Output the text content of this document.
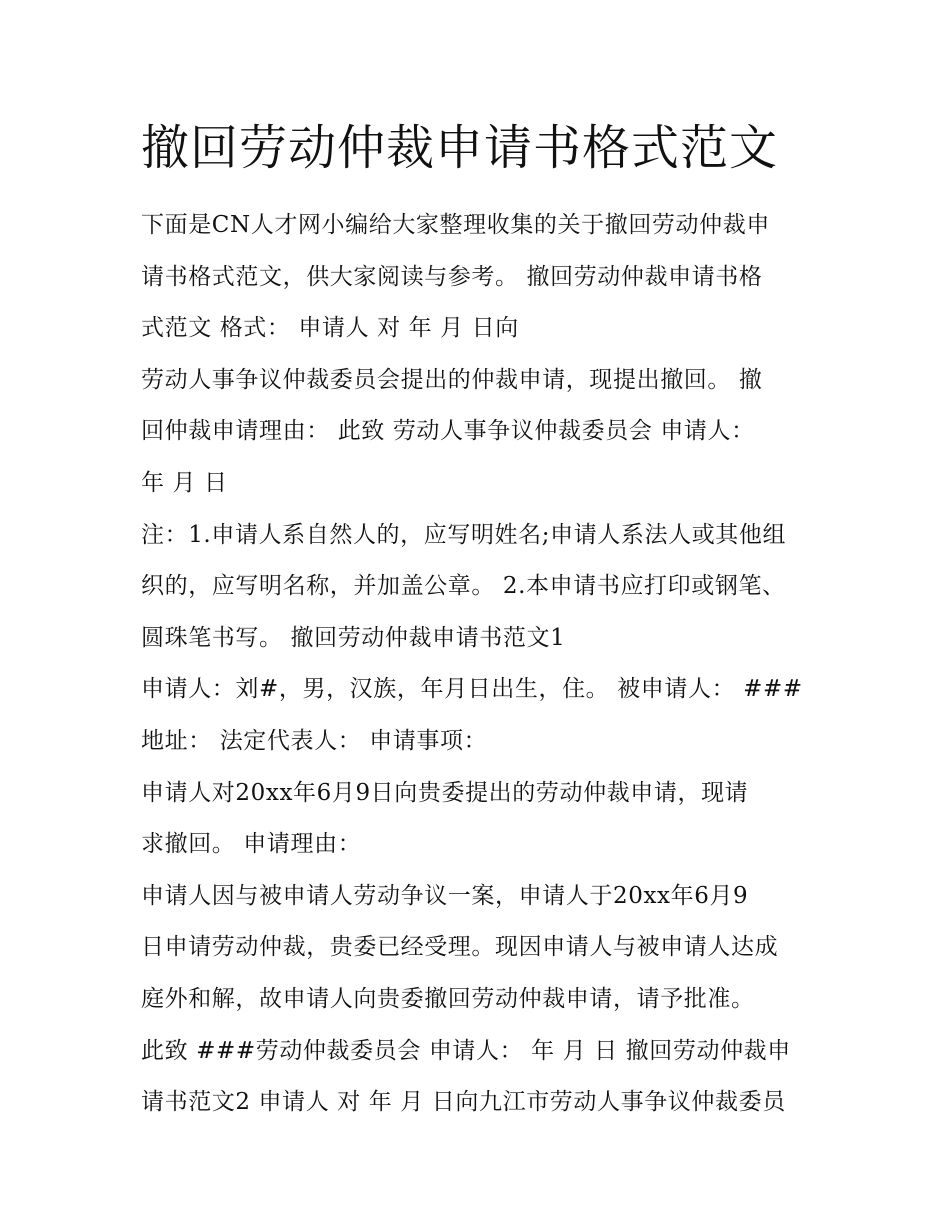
撤回劳动仲裁申请书格式范文
下面是CN人才网小编给大家整理收集的关于撤回劳动仲裁申
请书格式范文，供大家阅读与参考。 撤回劳动仲裁申请书格
式范文 格式： 申请人 对 年 月 日向
劳动人事争议仲裁委员会提出的仲裁申请，现提出撤回。 撤
回仲裁申请理由： 此致 劳动人事争议仲裁委员会 申请人：
年 月 日
注：1.申请人系自然人的，应写明姓名;申请人系法人或其他组
织的，应写明名称，并加盖公章。 2.本申请书应打印或钢笔、
圆珠笔书写。 撤回劳动仲裁申请书范文1
申请人：刘#，男，汉族，年月日出生，住。 被申请人： ###
地址： 法定代表人： 申请事项：
申请人对20xx年6月9日向贵委提出的劳动仲裁申请，现请
求撤回。 申请理由：
申请人因与被申请人劳动争议一案，申请人于20xx年6月9
日申请劳动仲裁，贵委已经受理。现因申请人与被申请人达成
庭外和解，故申请人向贵委撤回劳动仲裁申请，请予批准。
此致 ###劳动仲裁委员会 申请人： 年 月 日 撤回劳动仲裁申
请书范文2 申请人 对 年 月 日向九江市劳动人事争议仲裁委员
